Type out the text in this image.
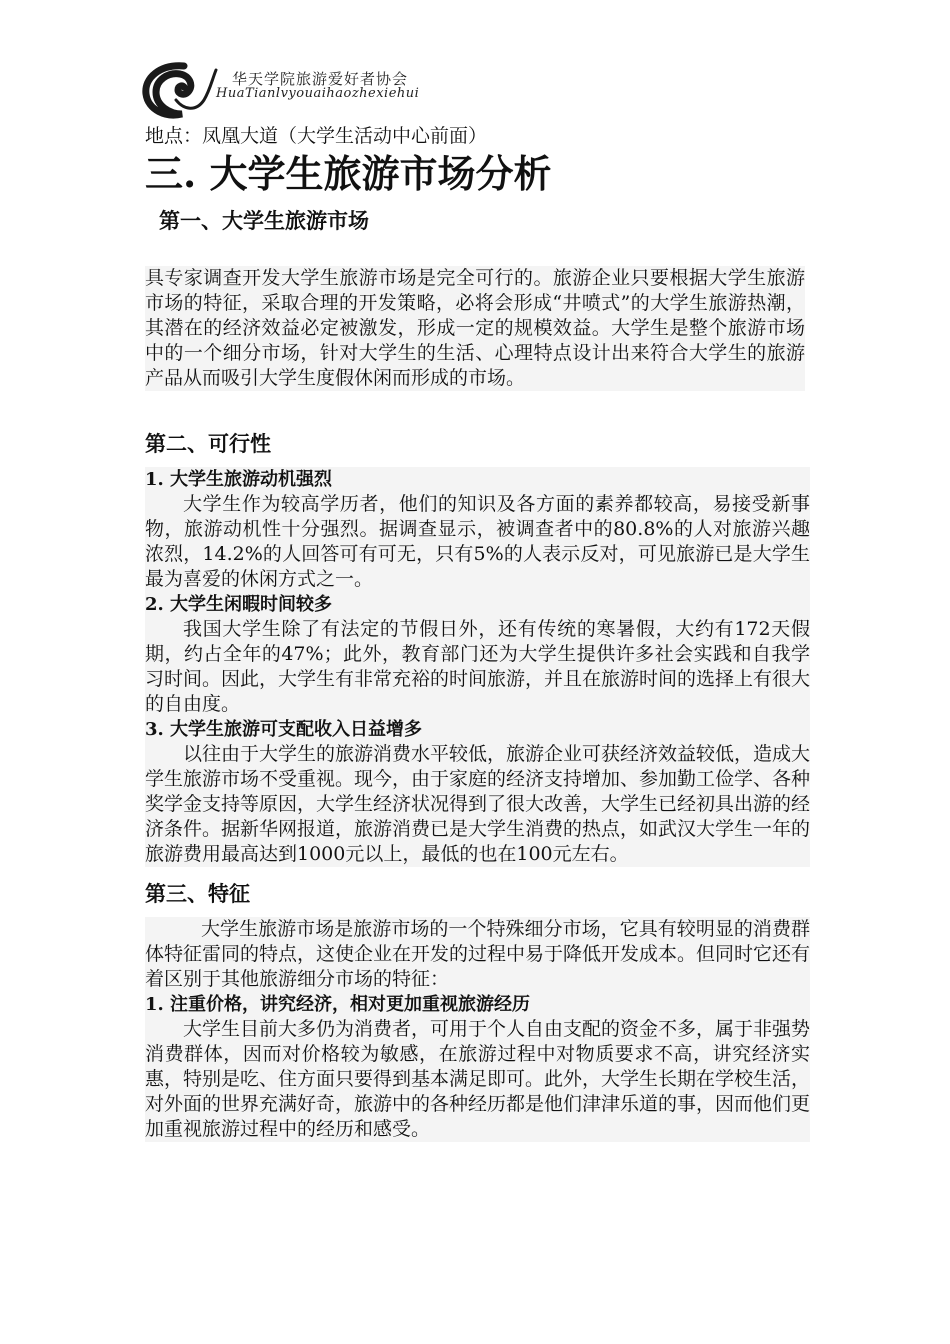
华天学院旅游爱好者协会
HuaTianlvyouaihaozhexiehui

地点：凤凰大道（大学生活动中心前面）

三. 大学生旅游市场分析
第一、大学生旅游市场

具专家调查开发大学生旅游市场是完全可行的。旅游企业只要根据大学生旅游市场的特征，采取合理的开发策略，必将会形成“井喷式”的大学生旅游热潮，其潜在的经济效益必定被激发，形成一定的规模效益。大学生是整个旅游市场中的一个细分市场，针对大学生的生活、心理特点设计出来符合大学生的旅游产品从而吸引大学生度假休闲而形成的市场。

第二、可行性
1. 大学生旅游动机强烈

大学生作为较高学历者，他们的知识及各方面的素养都较高，易接受新事物，旅游动机性十分强烈。据调查显示，被调查者中的80.8%的人对旅游兴趣浓烈，14.2%的人回答可有可无，只有5%的人表示反对，可见旅游已是大学生最为喜爱的休闲方式之一。

2. 大学生闲暇时间较多

我国大学生除了有法定的节假日外，还有传统的寒暑假，大约有172天假期，约占全年的47%；此外，教育部门还为大学生提供许多社会实践和自我学习时间。因此，大学生有非常充裕的时间旅游，并且在旅游时间的选择上有很大的自由度。

3. 大学生旅游可支配收入日益增多

以往由于大学生的旅游消费水平较低，旅游企业可获经济效益较低，造成大学生旅游市场不受重视。现今，由于家庭的经济支持增加、参加勤工俭学、各种奖学金支持等原因，大学生经济状况得到了很大改善，大学生已经初具出游的经济条件。据新华网报道，旅游消费已是大学生消费的热点，如武汉大学生一年的旅游费用最高达到1000元以上，最低的也在100元左右。

第三、特征

大学生旅游市场是旅游市场的一个特殊细分市场，它具有较明显的消费群体特征雷同的特点，这使企业在开发的过程中易于降低开发成本。但同时它还有着区别于其他旅游细分市场的特征：

1. 注重价格，讲究经济，相对更加重视旅游经历

大学生目前大多仍为消费者，可用于个人自由支配的资金不多，属于非强势消费群体，因而对价格较为敏感，在旅游过程中对物质要求不高，讲究经济实惠，特别是吃、住方面只要得到基本满足即可。此外，大学生长期在学校生活，对外面的世界充满好奇，旅游中的各种经历都是他们津津乐道的事，因而他们更加重视旅游过程中的经历和感受。
